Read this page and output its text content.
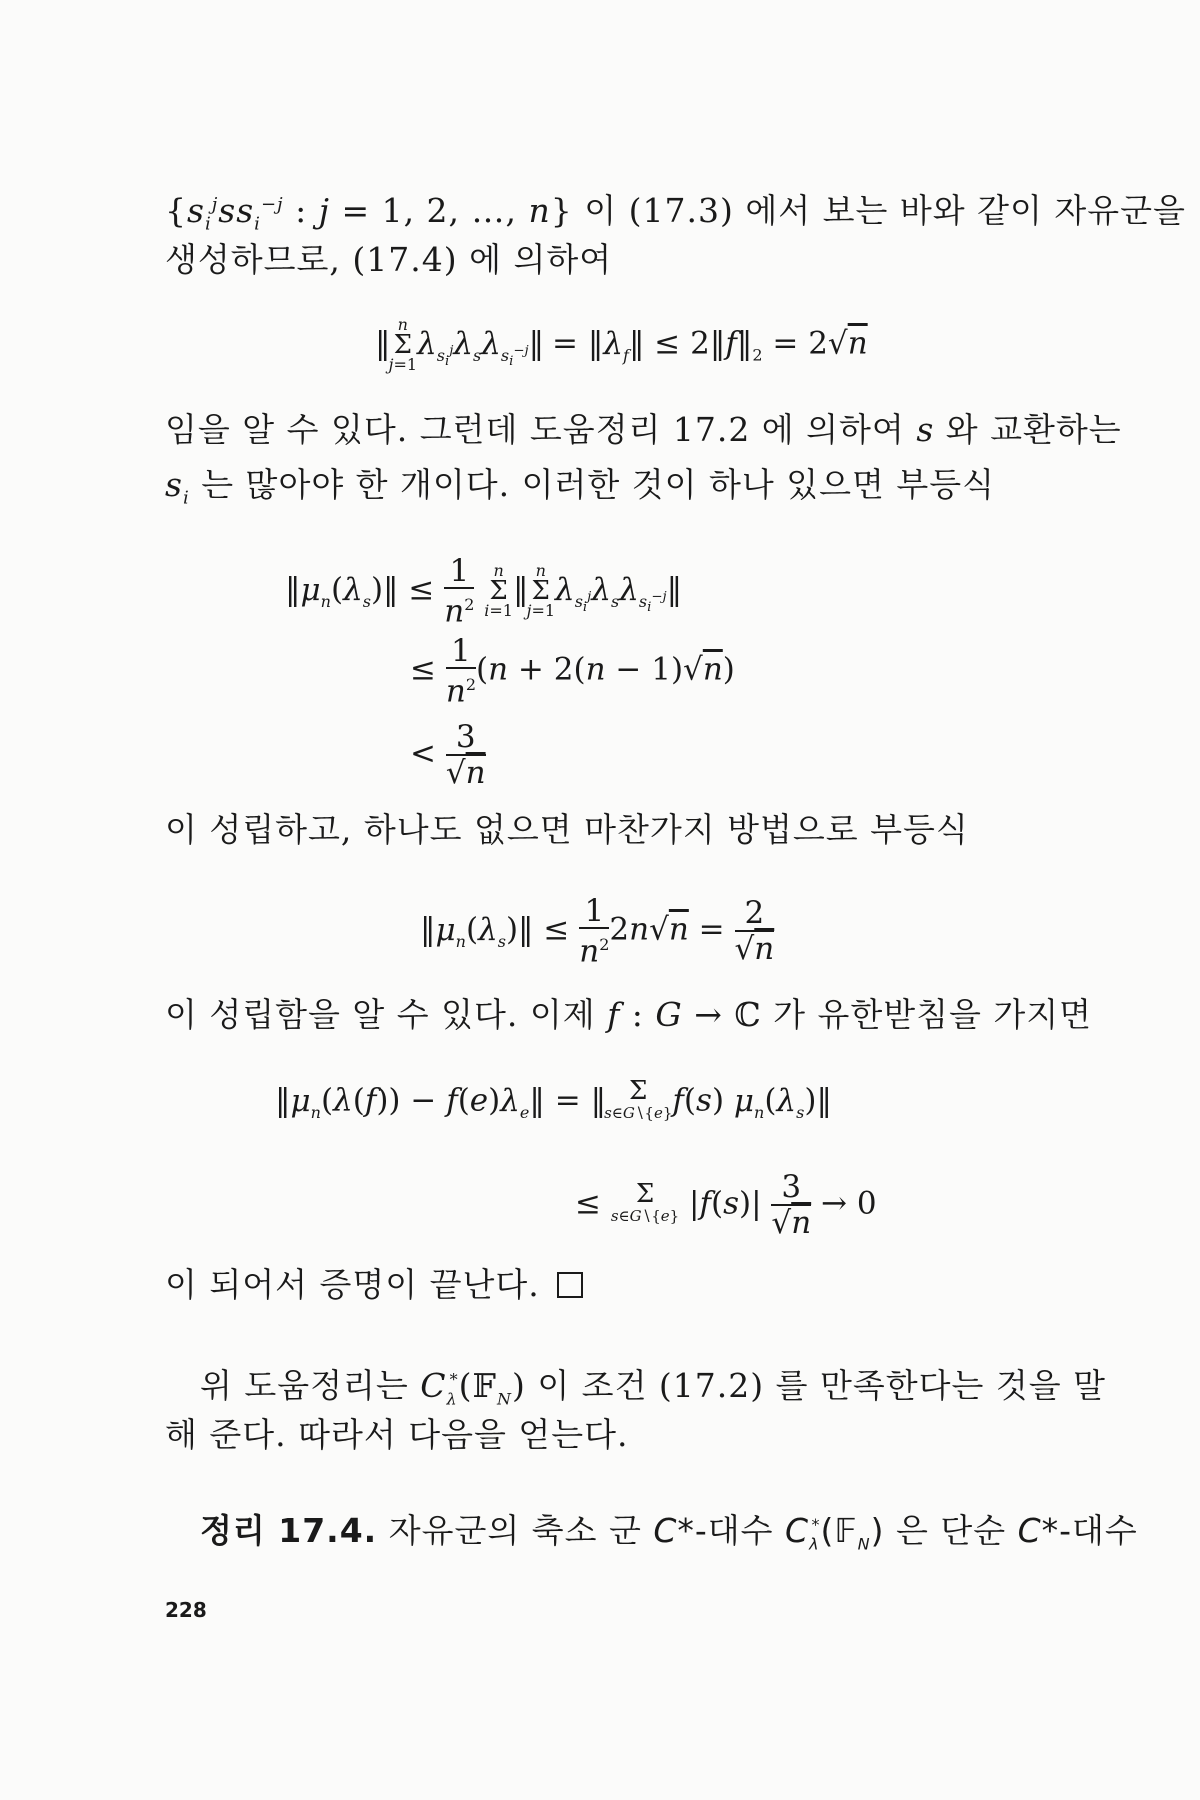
{$s_i^jss_i^{-j}$ : j = 1, 2, …, n} 이 (17.3) 에서 보는 바와 같이 자유군을
생성하므로, (17.4) 에 의하여
‖
n
Σ
j=1
$\lambda_{s_i^j}\lambda_s\lambda_{s_i^{-j}}‖$ = $‖\lambda_f‖$ ≤ $2‖f‖_2 = 2√n$
임을 알 수 있다. 그런데 도움정리 17.2 에 의하여 s 와 교환하는
$s_i$ 는 많아야 한 개이다. 이러한 것이 하나 있으면 부등식
$‖\mu_n(\lambda_s)‖ \le \frac{1}{n^2}$
	n
Σ
i=1
‖
n
Σ
j=1
$\lambda_{s_i^j}\lambda_s\lambda_{s_i^{-j}}‖$
≤ $\frac{1}{n^2} (n + 2(n - 1)√n)$
< $\frac{3}{√n}$
이 성립하고, 하나도 없으면 마찬가지 방법으로 부등식
$‖\mu_n(\lambda_s)‖ \le \frac{1}{n^2} 2n√n = \frac{2}{√n}$
이 성립함을 알 수 있다. 이제 f : G → ℂ 가 유한받침을 가지면
$‖\mu_n(\lambda(f))$ − $f(e)\lambda_e‖$ = ‖ Σ
s∈G∖{e} f(s) $\mu_n(\lambda_s)‖$
≤ Σ
s∈G∖{e} $|f(s)| \frac{3}{√n} \to 0$
이 되어서 증명이 끝난다.
위 도움정리는 $C_\lambda^*(𝔽_N)$ 이 조건 (17.2) 를 만족한다는 것을 말
해 준다. 따라서 다음을 얻는다.
정리 17.4. 자유군의 축소 군 C*-대수 $C_\lambda^*(𝔽_N)$ 은 단순 C*-대수
228
